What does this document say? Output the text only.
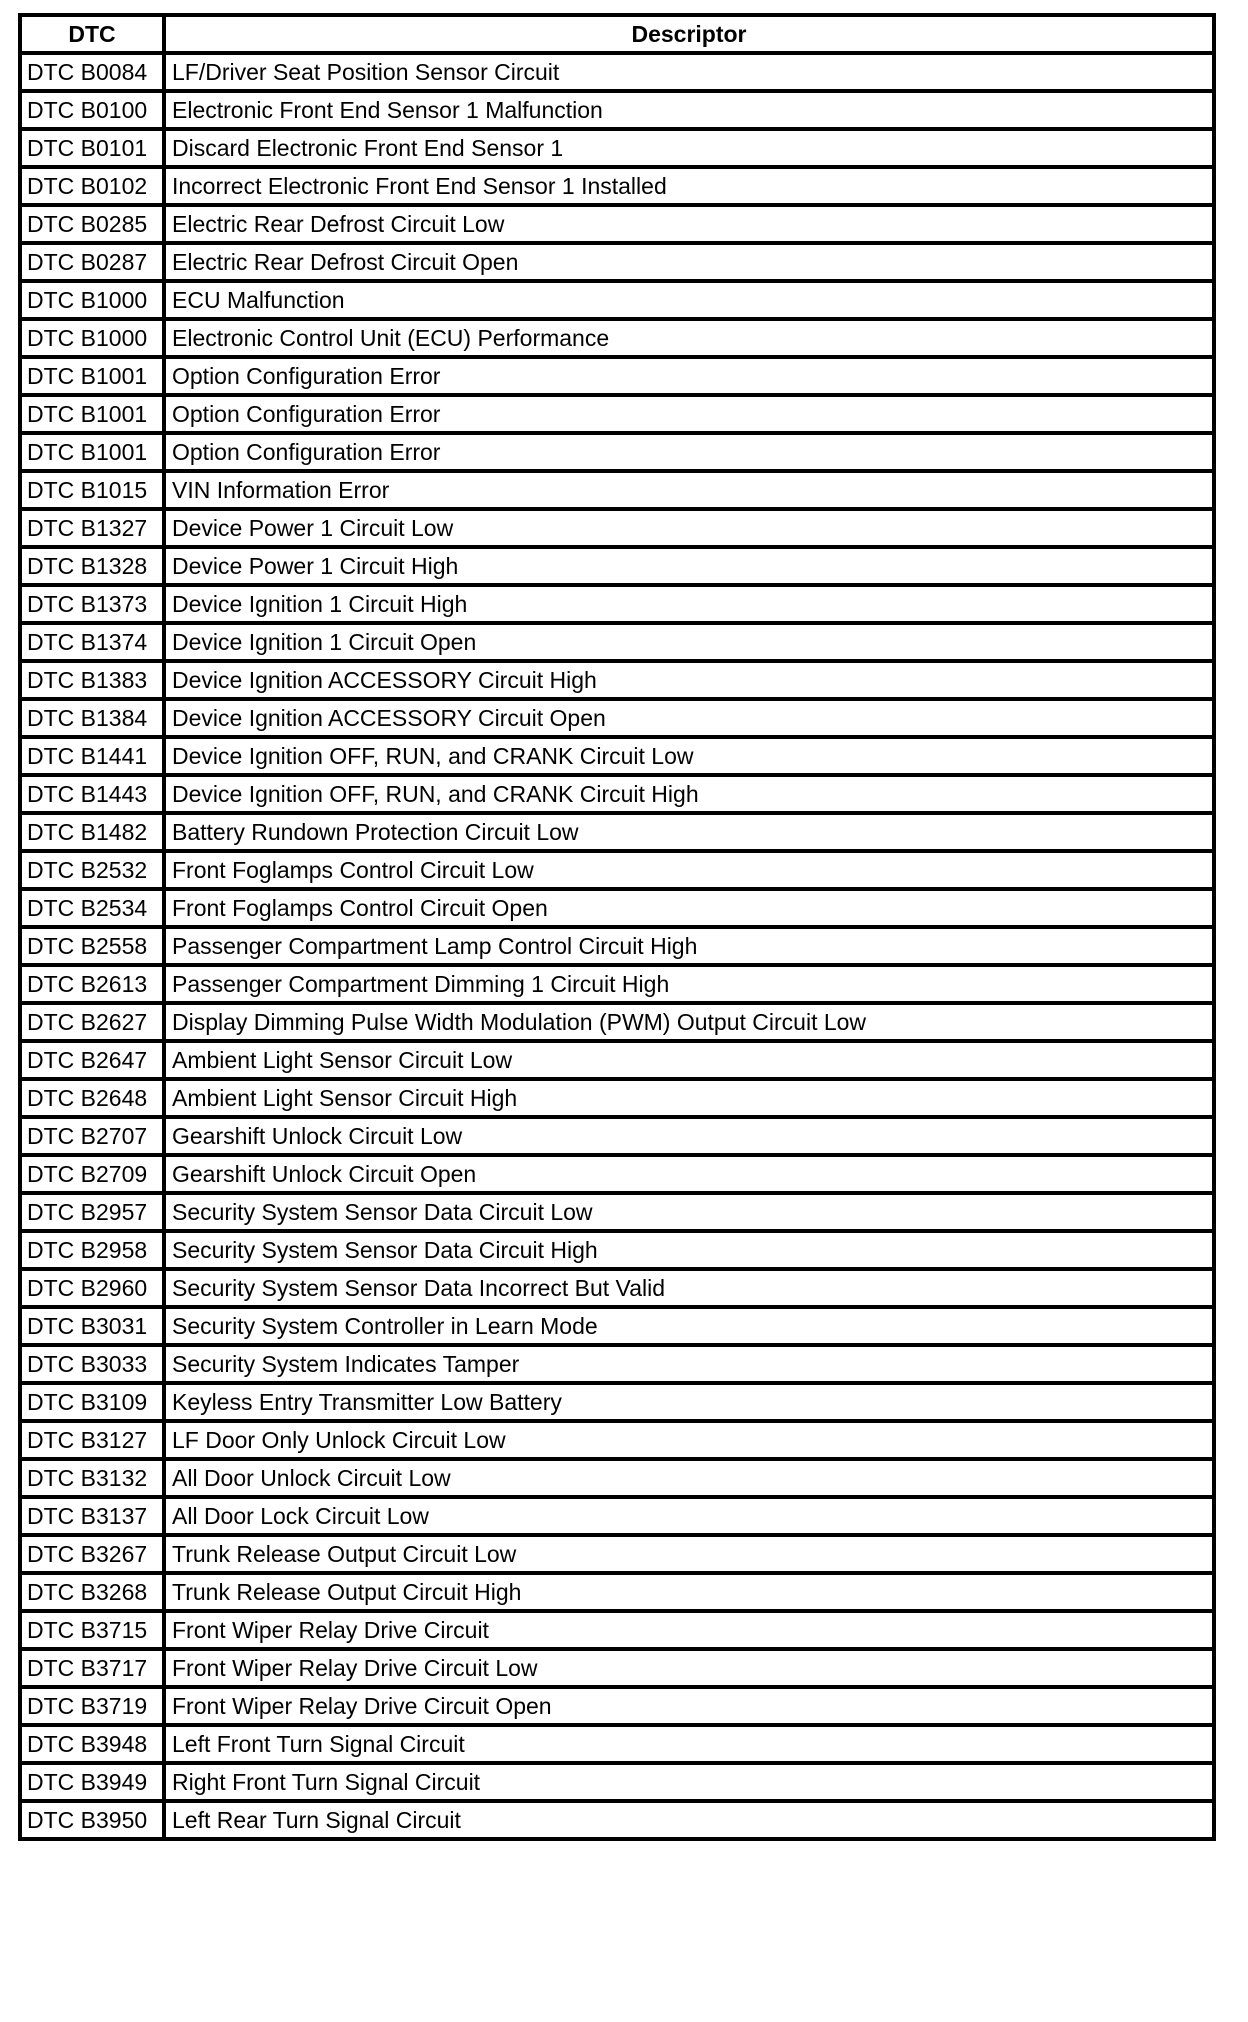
DTC	Descriptor
DTC B0084	LF/Driver Seat Position Sensor Circuit
DTC B0100	Electronic Front End Sensor 1 Malfunction
DTC B0101	Discard Electronic Front End Sensor 1
DTC B0102	Incorrect Electronic Front End Sensor 1 Installed
DTC B0285	Electric Rear Defrost Circuit Low
DTC B0287	Electric Rear Defrost Circuit Open
DTC B1000	ECU Malfunction
DTC B1000	Electronic Control Unit (ECU) Performance
DTC B1001	Option Configuration Error
DTC B1001	Option Configuration Error
DTC B1001	Option Configuration Error
DTC B1015	VIN Information Error
DTC B1327	Device Power 1 Circuit Low
DTC B1328	Device Power 1 Circuit High
DTC B1373	Device Ignition 1 Circuit High
DTC B1374	Device Ignition 1 Circuit Open
DTC B1383	Device Ignition ACCESSORY Circuit High
DTC B1384	Device Ignition ACCESSORY Circuit Open
DTC B1441	Device Ignition OFF, RUN, and CRANK Circuit Low
DTC B1443	Device Ignition OFF, RUN, and CRANK Circuit High
DTC B1482	Battery Rundown Protection Circuit Low
DTC B2532	Front Foglamps Control Circuit Low
DTC B2534	Front Foglamps Control Circuit Open
DTC B2558	Passenger Compartment Lamp Control Circuit High
DTC B2613	Passenger Compartment Dimming 1 Circuit High
DTC B2627	Display Dimming Pulse Width Modulation (PWM) Output Circuit Low
DTC B2647	Ambient Light Sensor Circuit Low
DTC B2648	Ambient Light Sensor Circuit High
DTC B2707	Gearshift Unlock Circuit Low
DTC B2709	Gearshift Unlock Circuit Open
DTC B2957	Security System Sensor Data Circuit Low
DTC B2958	Security System Sensor Data Circuit High
DTC B2960	Security System Sensor Data Incorrect But Valid
DTC B3031	Security System Controller in Learn Mode
DTC B3033	Security System Indicates Tamper
DTC B3109	Keyless Entry Transmitter Low Battery
DTC B3127	LF Door Only Unlock Circuit Low
DTC B3132	All Door Unlock Circuit Low
DTC B3137	All Door Lock Circuit Low
DTC B3267	Trunk Release Output Circuit Low
DTC B3268	Trunk Release Output Circuit High
DTC B3715	Front Wiper Relay Drive Circuit
DTC B3717	Front Wiper Relay Drive Circuit Low
DTC B3719	Front Wiper Relay Drive Circuit Open
DTC B3948	Left Front Turn Signal Circuit
DTC B3949	Right Front Turn Signal Circuit
DTC B3950	Left Rear Turn Signal Circuit
